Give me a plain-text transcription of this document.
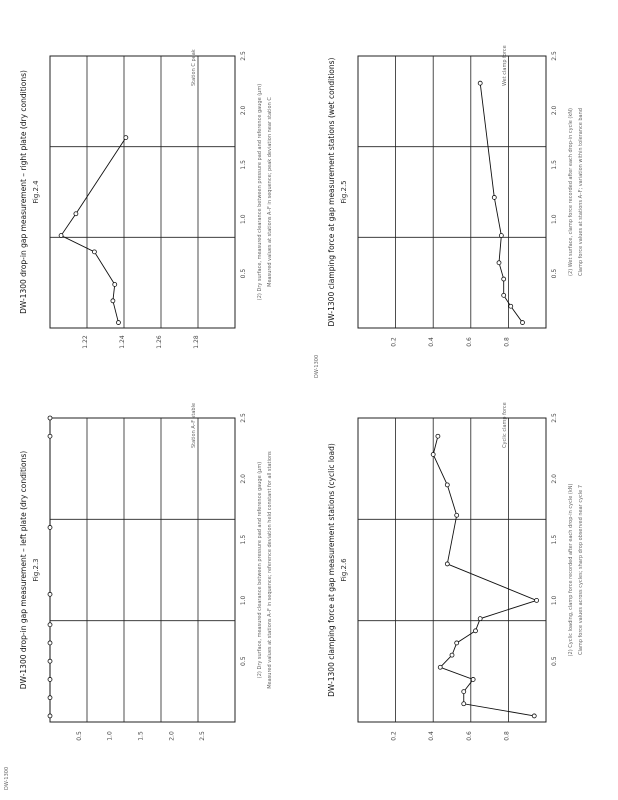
0.5
1.0
1.5
2.0
2.5
0.5	1.0	1.5	2.0	2.5
DW-1300 drop-in gap measurement – left plate (dry conditions) Fig.2.3	(2) Dry surface, measured clearance between pressure pad and reference gauge (μm) Measured values at stations A–F in sequence; reference deviation held constant for all stations
Station A–F stable
0.5
1.0
1.5
2.0
2.5
1.22	1.24	1.26	1.28
DW-1300 drop-in gap measurement – right plate (dry conditions) Fig.2.4	(2) Dry surface, measured clearance between pressure pad and reference gauge (μm) Measured values at stations A–F in sequence; peak deviation near station C
Station C peak
0.5
1.0
1.5
2.0
2.5
0.2	0.4	0.6	0.8
DW-1300 clamping force at gap measurement stations (wet conditions) Fig.2.5	(2) Wet surface, clamp force recorded after each drop-in cycle (kN) Clamp force values at stations A–F; variation within tolerance band
Wet clamp force
0.5
1.0
1.5
2.0
2.5
0.2	0.4	0.6	0.8
DW-1300 clamping force at gap measurement stations (cyclic load) Fig.2.6	(2) Cyclic loading, clamp force recorded after each drop-in cycle (kN) Clamp force values across cycles; sharp drop observed near cycle 7
Cyclic clamp force
DW-1300
DW-1300
